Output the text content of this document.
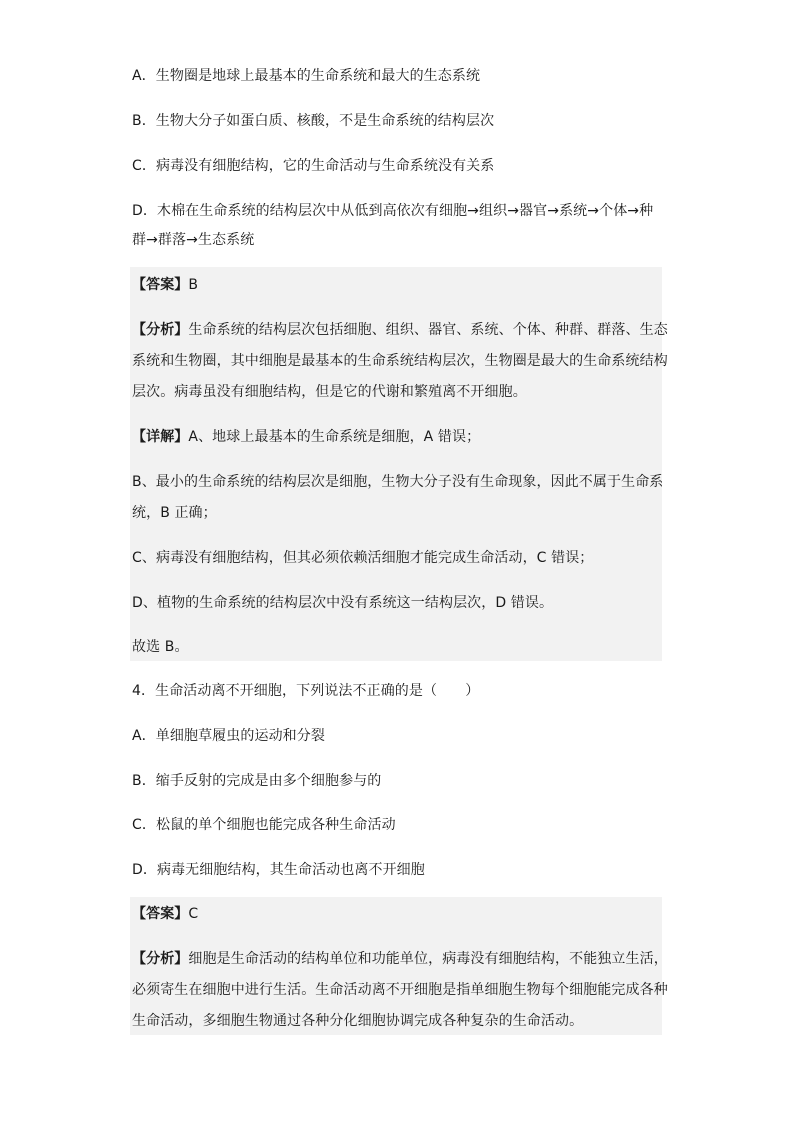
A．生物圈是地球上最基本的生命系统和最大的生态系统
B．生物大分子如蛋白质、核酸，不是生命系统的结构层次
C．病毒没有细胞结构，它的生命活动与生命系统没有关系
D．木棉在生命系统的结构层次中从低到高依次有细胞→组织→器官→系统→个体→种
群→群落→生态系统
【答案】B
【分析】生命系统的结构层次包括细胞、组织、器官、系统、个体、种群、群落、生态
系统和生物圈，其中细胞是最基本的生命系统结构层次，生物圈是最大的生命系统结构
层次。病毒虽没有细胞结构，但是它的代谢和繁殖离不开细胞。
【详解】A、地球上最基本的生命系统是细胞，A 错误；
B、最小的生命系统的结构层次是细胞，生物大分子没有生命现象，因此不属于生命系
统，B 正确；
C、病毒没有细胞结构，但其必须依赖活细胞才能完成生命活动，C 错误；
D、植物的生命系统的结构层次中没有系统这一结构层次，D 错误。
故选 B。
4．生命活动离不开细胞，下列说法不正确的是（　　）
A．单细胞草履虫的运动和分裂
B．缩手反射的完成是由多个细胞参与的
C．松鼠的单个细胞也能完成各种生命活动
D．病毒无细胞结构，其生命活动也离不开细胞
【答案】C
【分析】细胞是生命活动的结构单位和功能单位，病毒没有细胞结构，不能独立生活，
必须寄生在细胞中进行生活。生命活动离不开细胞是指单细胞生物每个细胞能完成各种
生命活动，多细胞生物通过各种分化细胞协调完成各种复杂的生命活动。
